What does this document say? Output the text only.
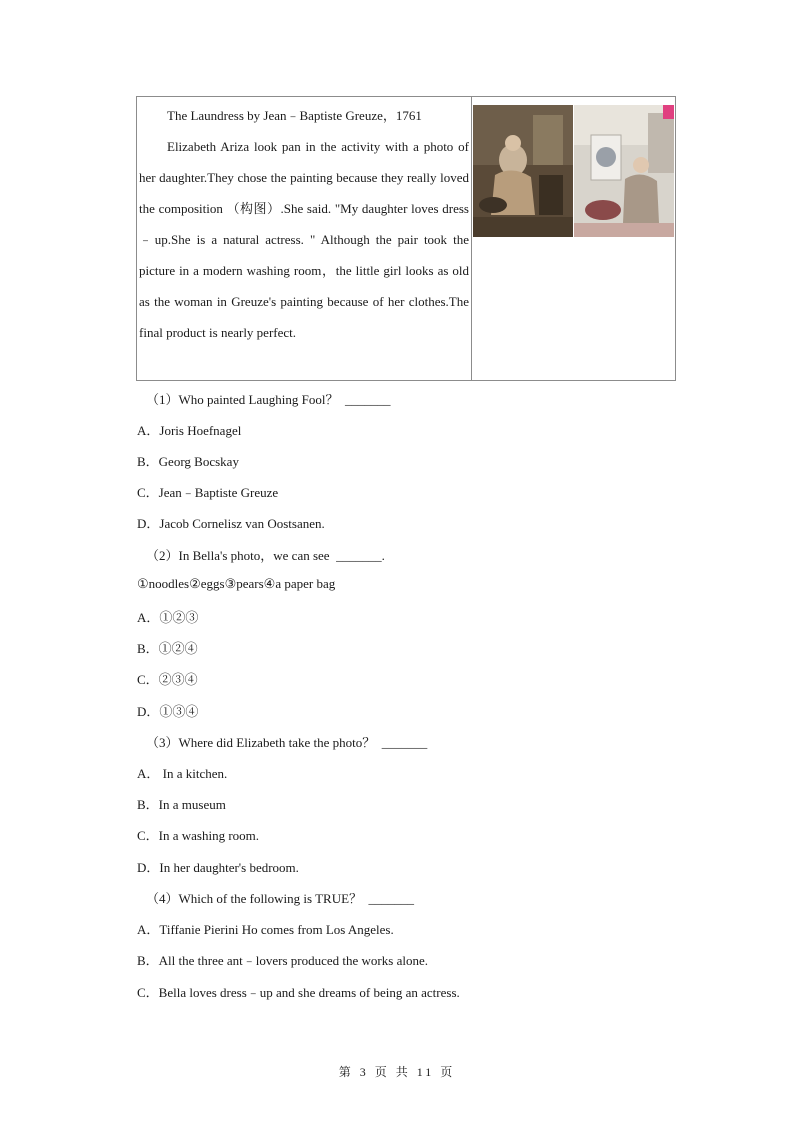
The Laundress by Jean﹣Baptiste Greuze，1761

Elizabeth Ariza look pan in the activity with a photo of her daughter.They chose the painting because they really loved the composition （构图）.She said. "My daughter loves dress﹣up.She is a natural actress. " Although the pair took the picture in a modern washing room，the little girl looks as old as the woman in Greuze's painting because of her clothes.The final product is nearly perfect.

（1）Who painted Laughing Fool？  _______
A．Joris Hoefnagel
B．Georg Bocskay
C．Jean﹣Baptiste Greuze
D．Jacob Cornelisz van Oostsanen.
（2）In Bella's photo，we can see  _______.
①noodles②eggs③pears④a paper bag
A．①②③
B．①②④
C．②③④
D．①③④
（3）Where did Elizabeth take the photo？  _______
A． In a kitchen.
B．In a museum
C．In a washing room.
D．In her daughter's bedroom.
（4）Which of the following is TRUE？  _______
A．Tiffanie Pierini Ho comes from Los Angeles.
B．All the three ant﹣lovers produced the works alone.
C．Bella loves dress﹣up and she dreams of being an actress.
第 3 页 共 11 页
